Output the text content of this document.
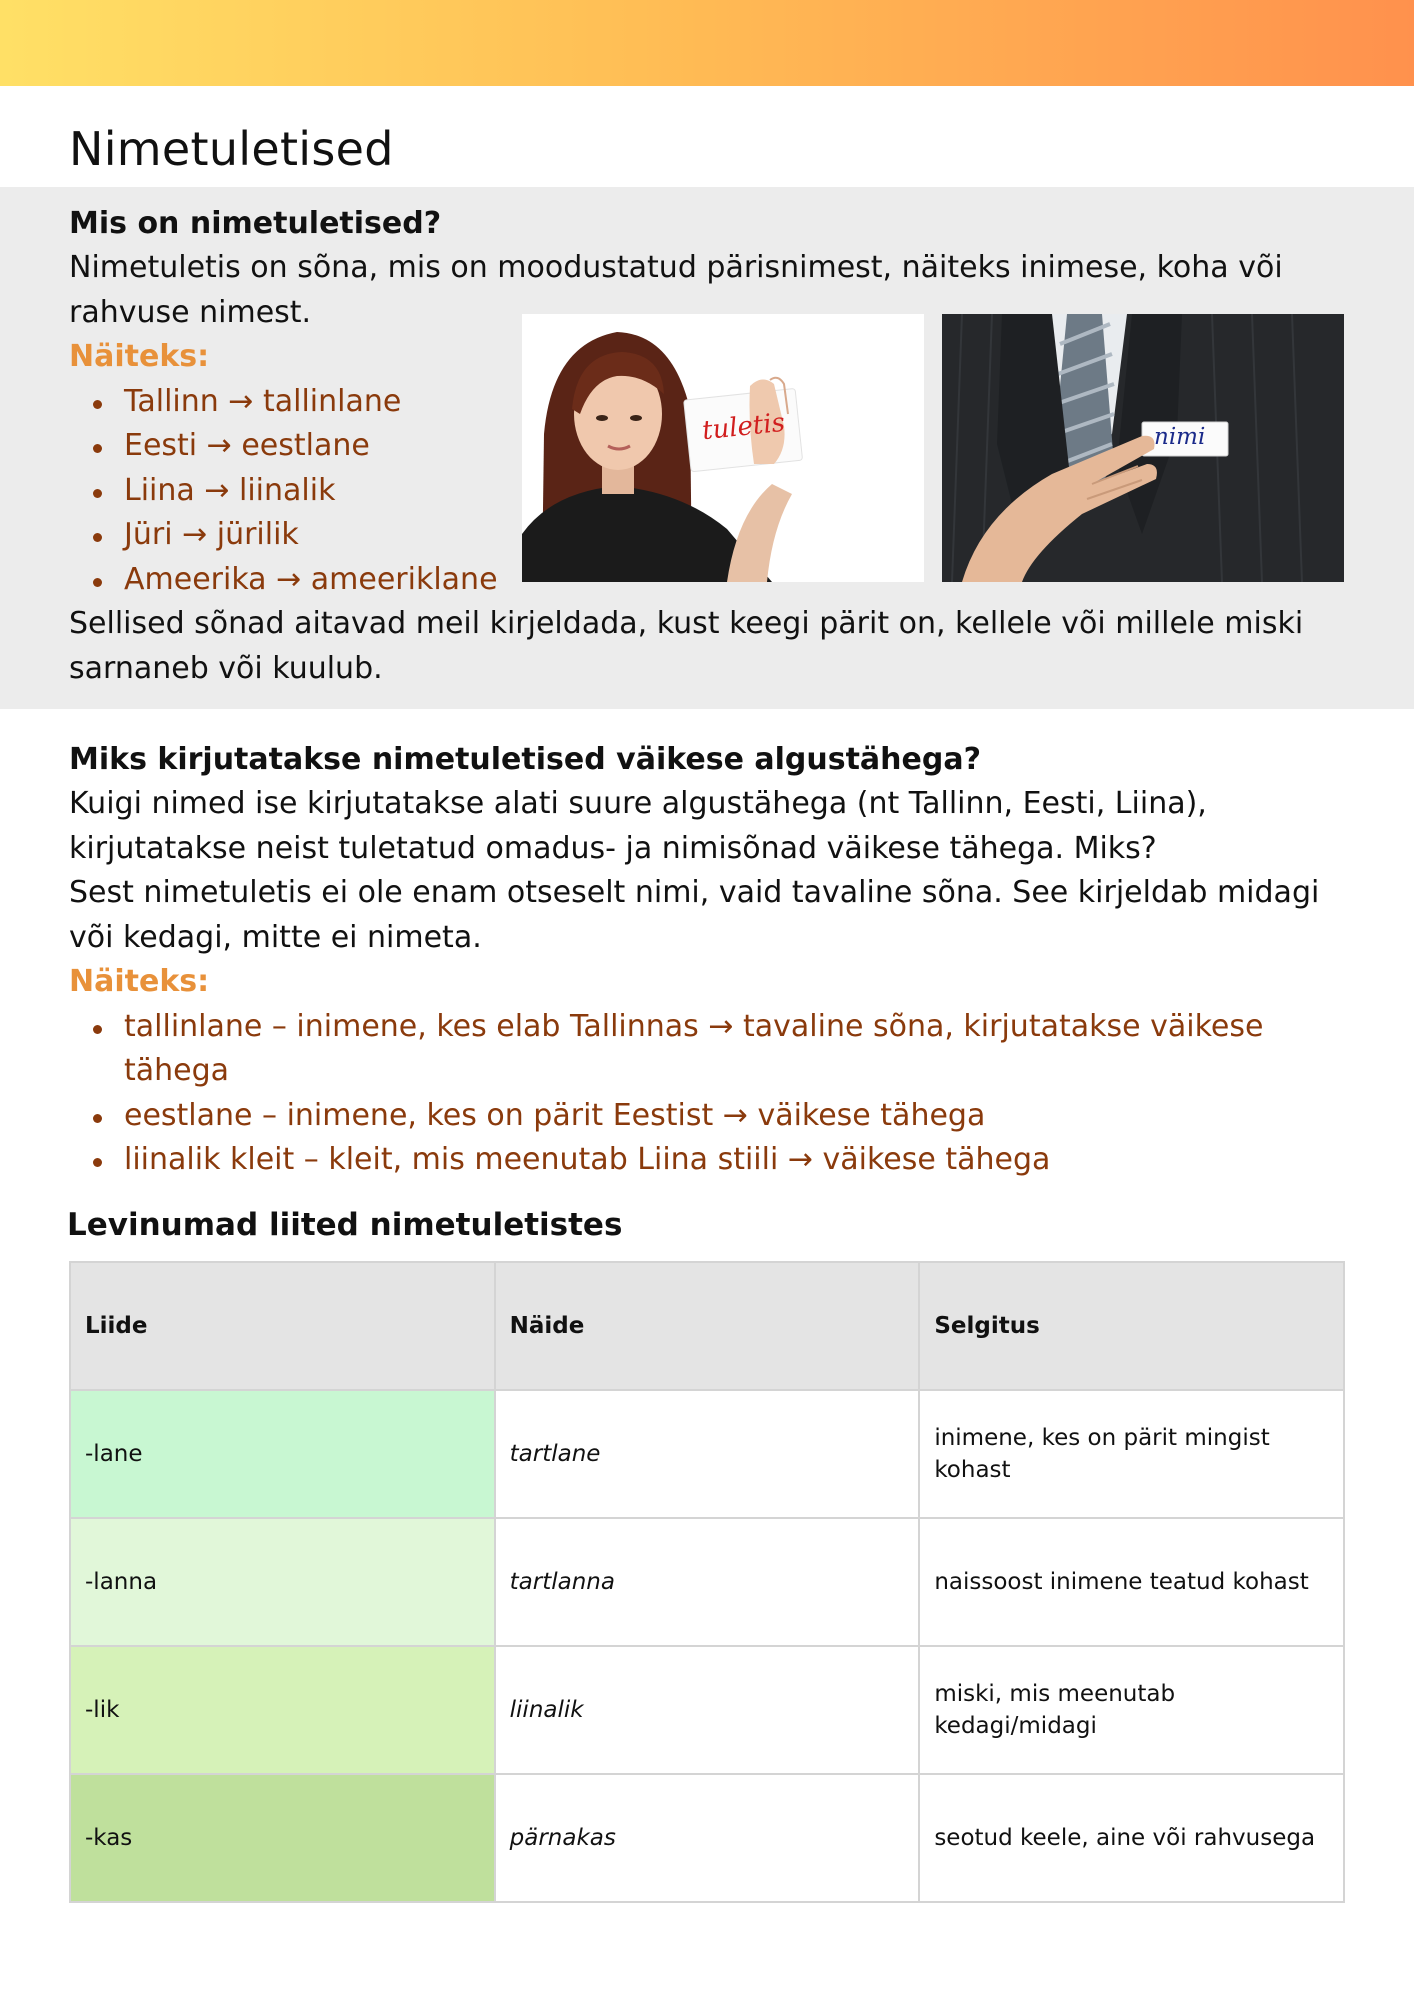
Nimetuletised
Mis on nimetuletised?

Nimetuletis on sõna, mis on moodustatud pärisnimest, näiteks inimese, koha või rahvuse nimest.

Näiteks:

Tallinn → tallinlane
Eesti → eestlane
Liina → liinalik
Jüri → jürilik
Ameerika → ameeriklane

Sellised sõnad aitavad meil kirjeldada, kust keegi pärit on, kellele või millele miski sarnaneb või kuulub.

tuletis	nimi
Miks kirjutatakse nimetuletised väikese algustähega?

Kuigi nimed ise kirjutatakse alati suure algustähega (nt Tallinn, Eesti, Liina), kirjutatakse neist tuletatud omadus- ja nimisõnad väikese tähega. Miks?

Sest nimetuletis ei ole enam otseselt nimi, vaid tavaline sõna. See kirjeldab midagi või kedagi, mitte ei nimeta.

Näiteks:

tallinlane – inimene, kes elab Tallinnas → tavaline sõna, kirjutatakse väikese tähega
eestlane – inimene, kes on pärit Eestist → väikese tähega
liinalik kleit – kleit, mis meenutab Liina stiili → väikese tähega
Levinumad liited nimetuletistes
Liide	Näide	Selgitus
-lane	tartlane	inimene, kes on pärit mingist kohast
-lanna	tartlanna	naissoost inimene teatud kohast
-lik	liinalik	miski, mis meenutab kedagi/midagi
-kas	pärnakas	seotud keele, aine või rahvusega
